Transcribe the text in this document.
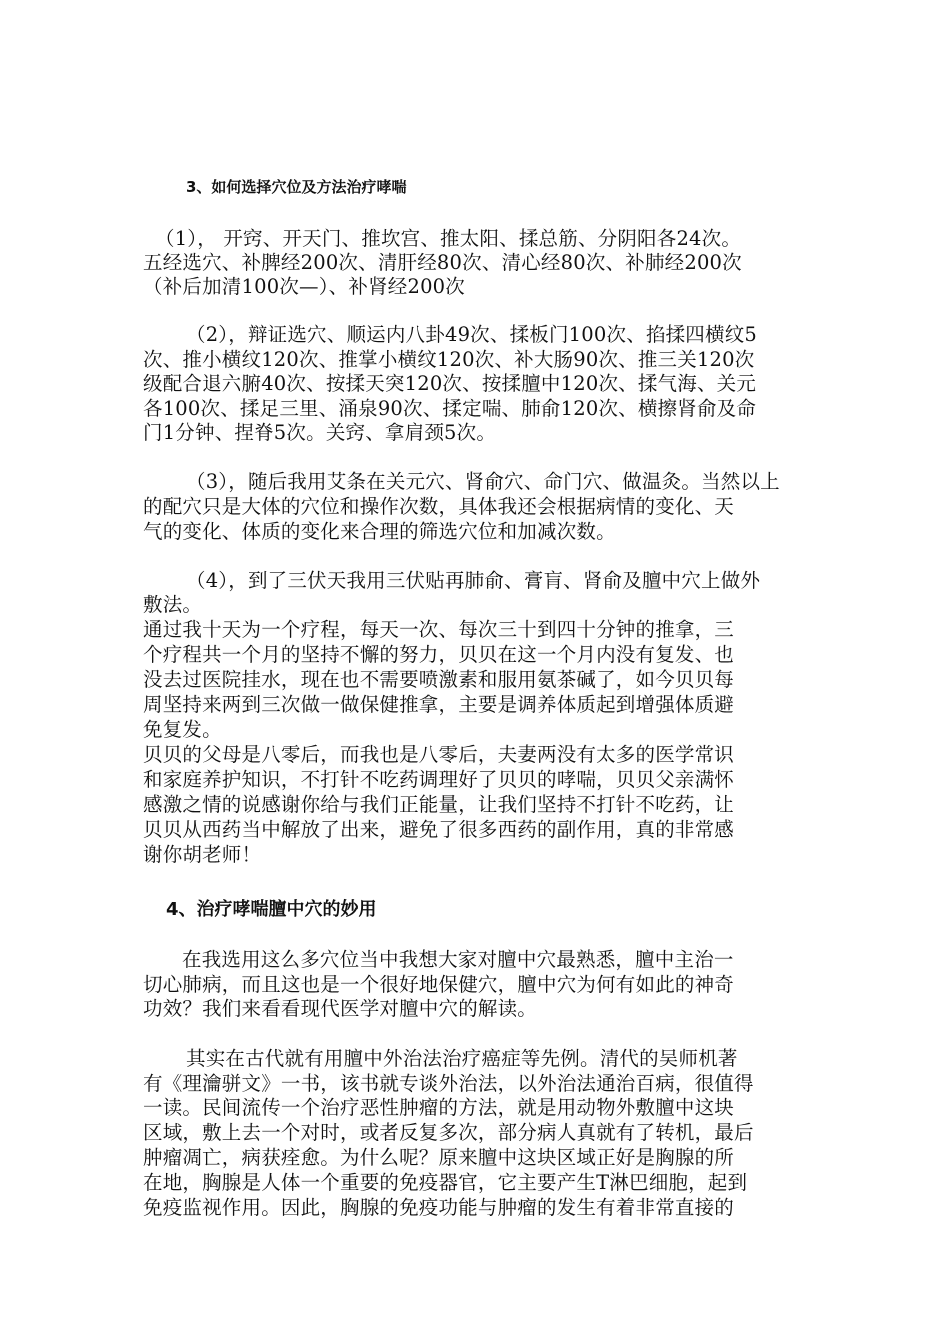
3、如何选择穴位及方法治疗哮喘
（1）， 开窍、开天门、推坎宫、推太阳、揉总筋、分阴阳各24次。
五经选穴、补脾经200次、清肝经80次、清心经80次、补肺经200次
（补后加清100次—）、补肾经200次
（2），辩证选穴、顺运内八卦49次、揉板门100次、掐揉四横纹5
次、推小横纹120次、推掌小横纹120次、补大肠90次、推三关120次
级配合退六腑40次、按揉天突120次、按揉膻中120次、揉气海、关元
各100次、揉足三里、涌泉90次、揉定喘、肺俞120次、横擦肾俞及命
门1分钟、捏脊5次。关窍、拿肩颈5次。
（3），随后我用艾条在关元穴、肾俞穴、命门穴、做温灸。当然以上
的配穴只是大体的穴位和操作次数，具体我还会根据病情的变化、天
气的变化、体质的变化来合理的筛选穴位和加减次数。
（4），到了三伏天我用三伏贴再肺俞、膏肓、肾俞及膻中穴上做外
敷法。
通过我十天为一个疗程，每天一次、每次三十到四十分钟的推拿，三
个疗程共一个月的坚持不懈的努力，贝贝在这一个月内没有复发、也
没去过医院挂水，现在也不需要喷激素和服用氨茶碱了，如今贝贝每
周坚持来两到三次做一做保健推拿，主要是调养体质起到增强体质避
免复发。
贝贝的父母是八零后，而我也是八零后，夫妻两没有太多的医学常识
和家庭养护知识，不打针不吃药调理好了贝贝的哮喘，贝贝父亲满怀
感激之情的说感谢你给与我们正能量，让我们坚持不打针不吃药，让
贝贝从西药当中解放了出来，避免了很多西药的副作用，真的非常感
谢你胡老师！
4、治疗哮喘膻中穴的妙用
在我选用这么多穴位当中我想大家对膻中穴最熟悉，膻中主治一
切心肺病，而且这也是一个很好地保健穴，膻中穴为何有如此的神奇
功效？我们来看看现代医学对膻中穴的解读。
其实在古代就有用膻中外治法治疗癌症等先例。清代的吴师机著
有《理瀹骈文》一书，该书就专谈外治法，以外治法通治百病，很值得
一读。民间流传一个治疗恶性肿瘤的方法，就是用动物外敷膻中这块
区域，敷上去一个对时，或者反复多次，部分病人真就有了转机，最后
肿瘤凋亡，病获痊愈。为什么呢？原来膻中这块区域正好是胸腺的所
在地，胸腺是人体一个重要的免疫器官，它主要产生T淋巴细胞，起到
免疫监视作用。因此，胸腺的免疫功能与肿瘤的发生有着非常直接的
